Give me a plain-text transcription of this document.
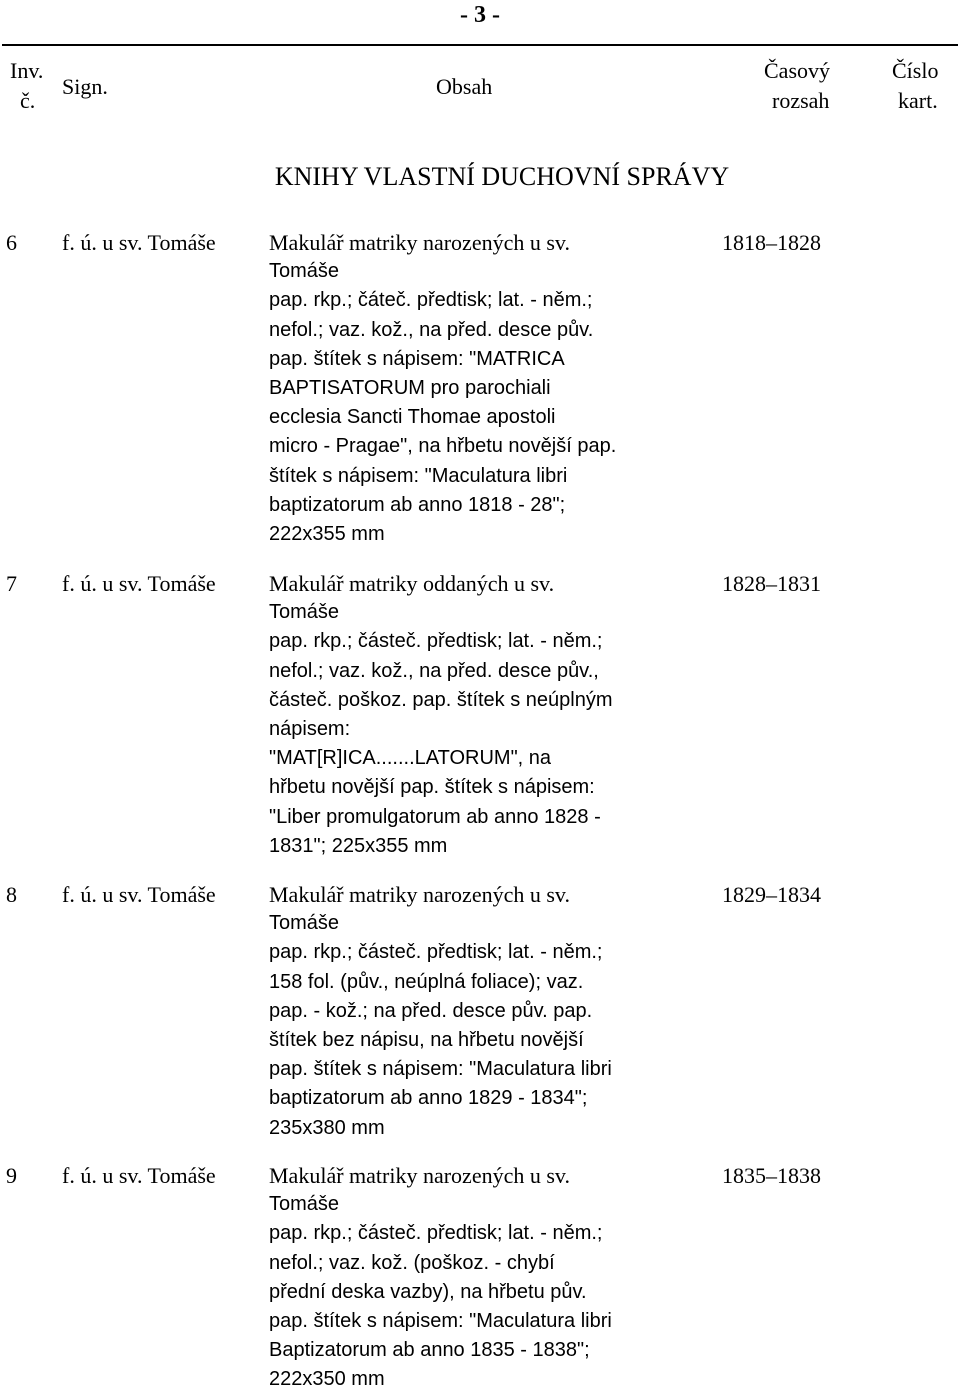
- 3 -
Inv.
č.
Sign.	Obsah
Časový
rozsah
Číslo
kart.
KNIHY VLASTNÍ DUCHOVNÍ SPRÁVY
6 f. ú. u sv. Tomáše Makulář matriky narozených u sv.
Tomáše
pap. rkp.; čáteč. předtisk; lat. - něm.;
nefol.; vaz. kož., na před. desce pův.
pap. štítek s nápisem: "MATRICA
BAPTISATORUM pro parochiali
ecclesia Sancti Thomae apostoli
micro - Pragae", na hřbetu novější pap.
štítek s nápisem: "Maculatura libri
baptizatorum ab anno 1818 - 28";
222x355 mm
1818–1828
7 f. ú. u sv. Tomáše Makulář matriky oddaných u sv.
Tomáše
pap. rkp.; částeč. předtisk; lat. - něm.;
nefol.; vaz. kož., na před. desce pův.,
částeč. poškoz. pap. štítek s neúplným
nápisem:
"MAT[R]ICA.......LATORUM", na
hřbetu novější pap. štítek s nápisem:
"Liber promulgatorum ab anno 1828 -
1831"; 225x355 mm
1828–1831
8 f. ú. u sv. Tomáše Makulář matriky narozených u sv.
Tomáše
pap. rkp.; částeč. předtisk; lat. - něm.;
158 fol. (pův., neúplná foliace); vaz.
pap. - kož.; na před. desce pův. pap.
štítek bez nápisu, na hřbetu novější
pap. štítek s nápisem: "Maculatura libri
baptizatorum ab anno 1829 - 1834";
235x380 mm
1829–1834
9 f. ú. u sv. Tomáše Makulář matriky narozených u sv.
Tomáše
pap. rkp.; částeč. předtisk; lat. - něm.;
nefol.; vaz. kož. (poškoz. - chybí
přední deska vazby), na hřbetu pův.
pap. štítek s nápisem: "Maculatura libri
Baptizatorum ab anno 1835 - 1838";
222x350 mm
1835–1838
